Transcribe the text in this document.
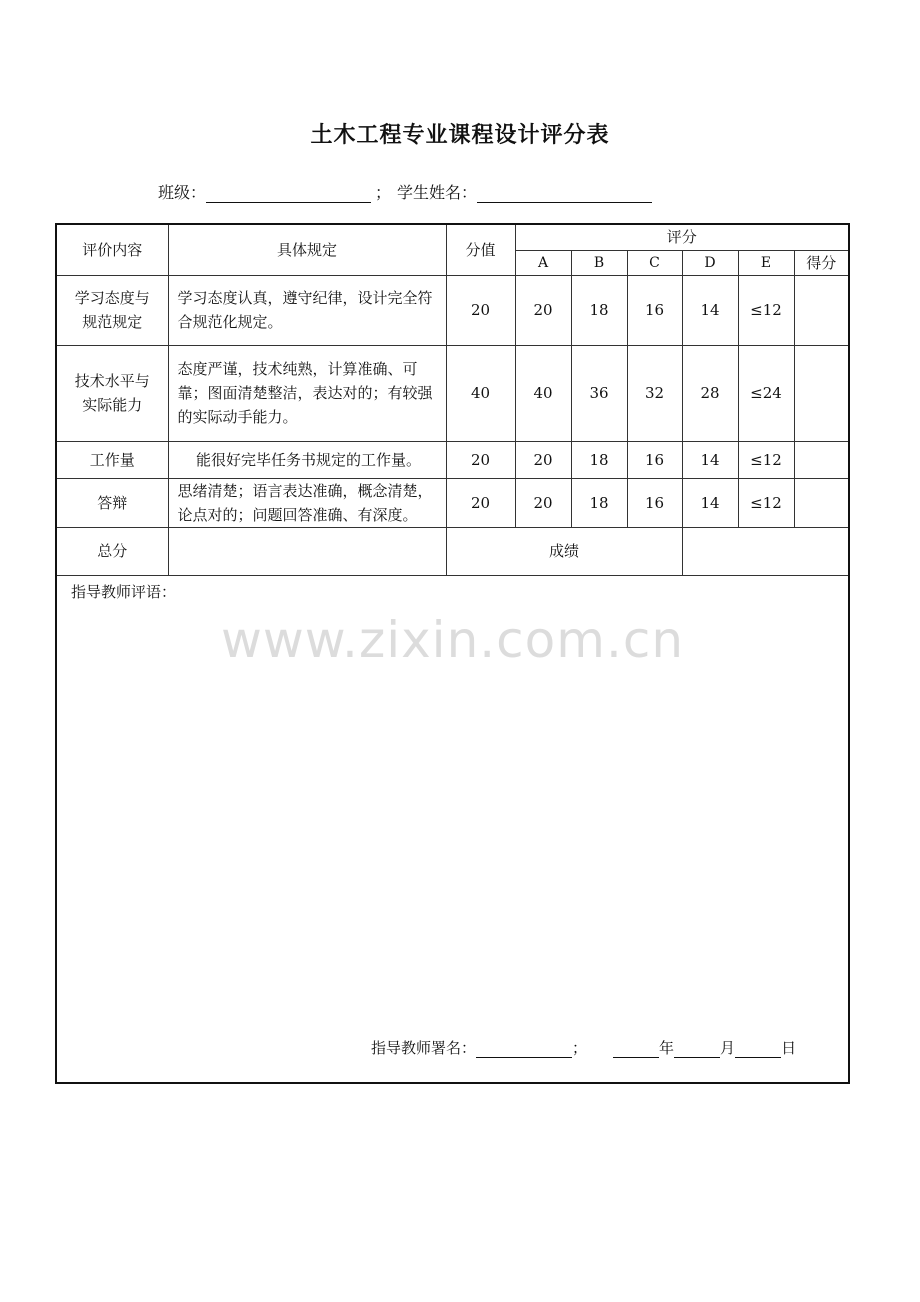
土木工程专业课程设计评分表
班级：	； 学生姓名：
评价内容	具体规定	分值	评分					
			A	B	C	D	E	得分
学习态度与
规范规定	学习态度认真，遵守纪律，设计完全符合规范化规定。	20	20	18	16	14	≤12	
技术水平与
实际能力	态度严谨，技术纯熟，计算准确、可靠；图面清楚整洁，表达对的；有较强的实际动手能力。	40	40	36	32	28	≤24	
工作量	能很好完毕任务书规定的工作量。	20	20	18	16	14	≤12	
答辩	思绪清楚；语言表达准确，概念清楚，论点对的；问题回答准确、有深度。	20	20	18	16	14	≤12	
总分		成绩						
指导教师评语：
www.zixin.com.cn
指导教师署名：	；	年	月	日
